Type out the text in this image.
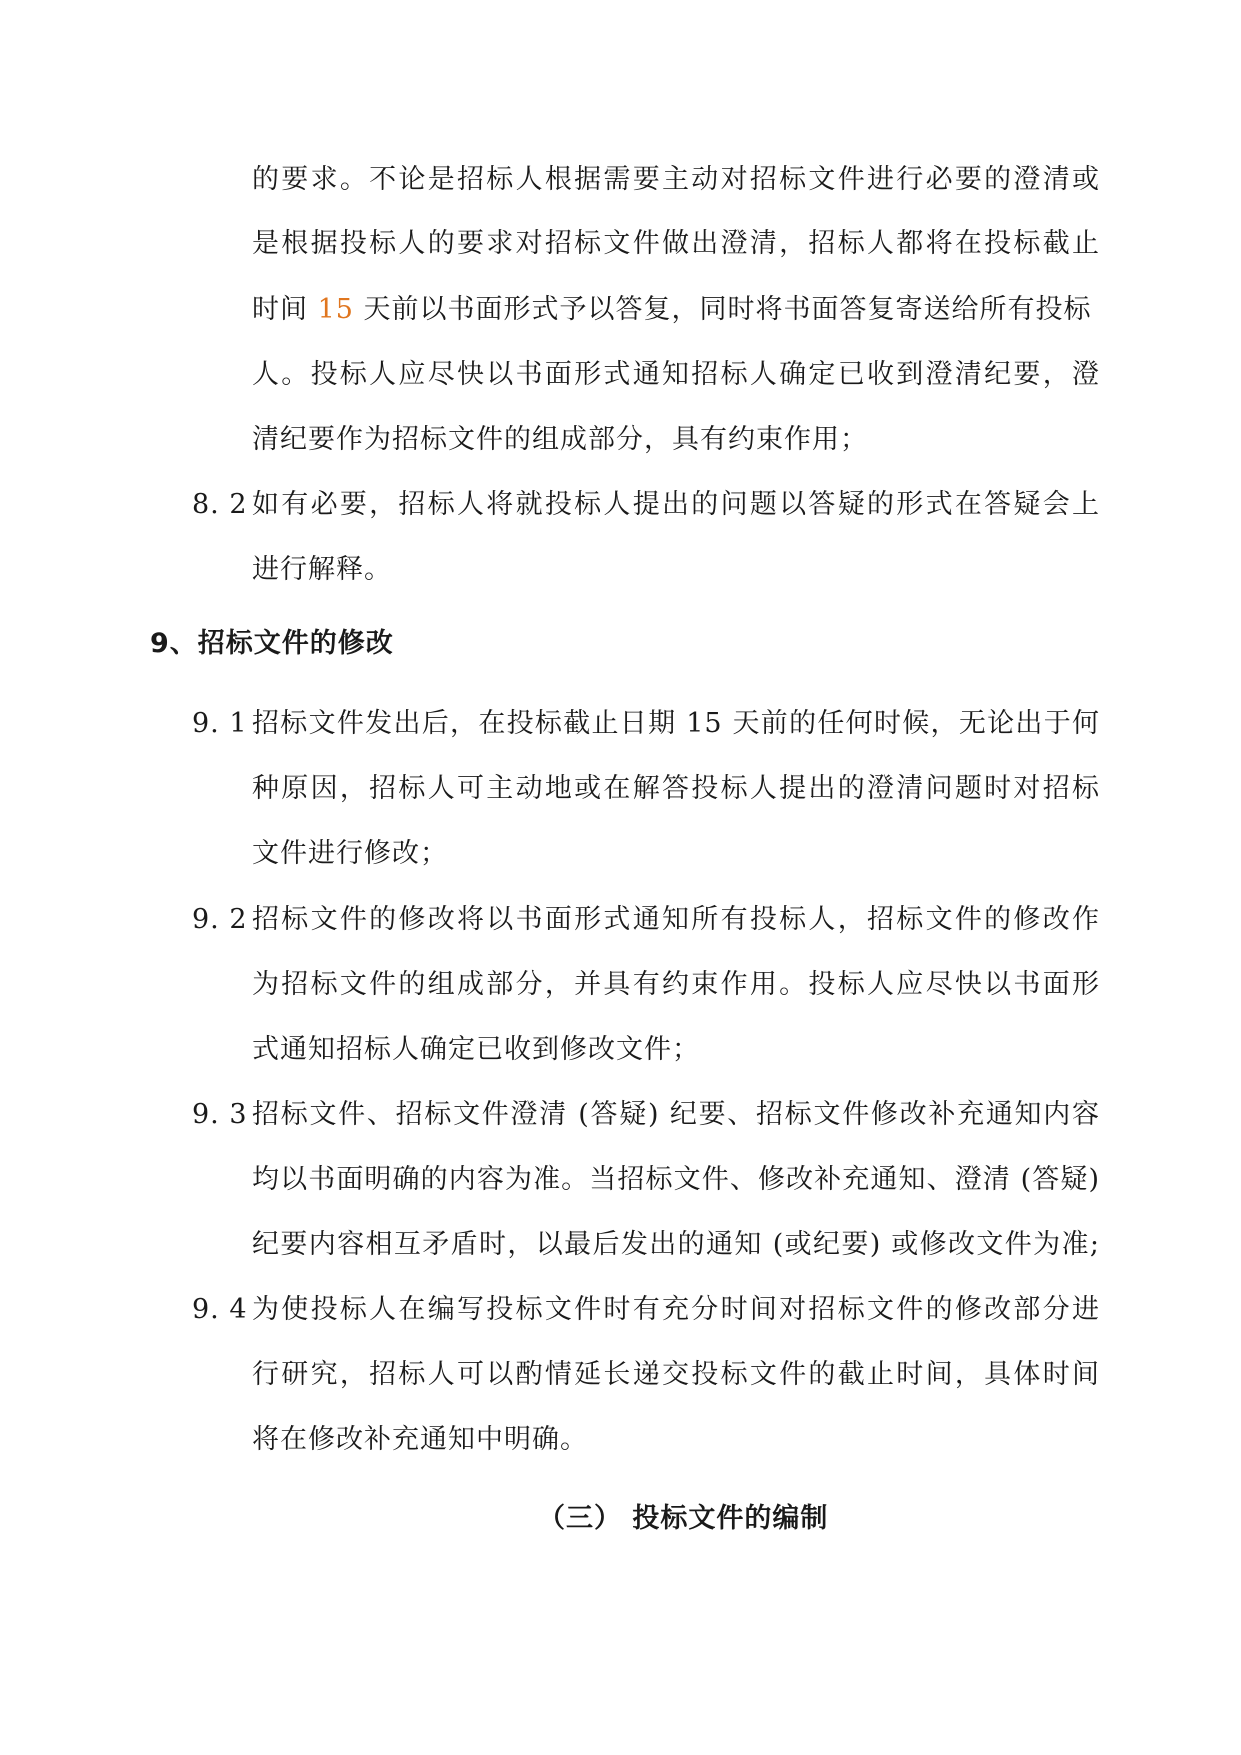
的要求。不论是招标人根据需要主动对招标文件进行必要的澄清或
是根据投标人的要求对招标文件做出澄清，招标人都将在投标截止
时间 15 天前以书面形式予以答复，同时将书面答复寄送给所有投标
人。投标人应尽快以书面形式通知招标人确定已收到澄清纪要，澄
清纪要作为招标文件的组成部分，具有约束作用；
8. 2 如有必要，招标人将就投标人提出的问题以答疑的形式在答疑会上
进行解释。
9、招标文件的修改
9. 1 招标文件发出后，在投标截止日期 15 天前的任何时候，无论出于何
种原因，招标人可主动地或在解答投标人提出的澄清问题时对招标
文件进行修改；
9. 2 招标文件的修改将以书面形式通知所有投标人，招标文件的修改作
为招标文件的组成部分，并具有约束作用。投标人应尽快以书面形
式通知招标人确定已收到修改文件；
9. 3 招标文件、招标文件澄清 (答疑) 纪要、招标文件修改补充通知内容
均以书面明确的内容为准。当招标文件、修改补充通知、澄清 (答疑)
纪要内容相互矛盾时，以最后发出的通知 (或纪要) 或修改文件为准;
9. 4 为使投标人在编写投标文件时有充分时间对招标文件的修改部分进
行研究，招标人可以酌情延长递交投标文件的截止时间，具体时间
将在修改补充通知中明确。
（三） 投标文件的编制
